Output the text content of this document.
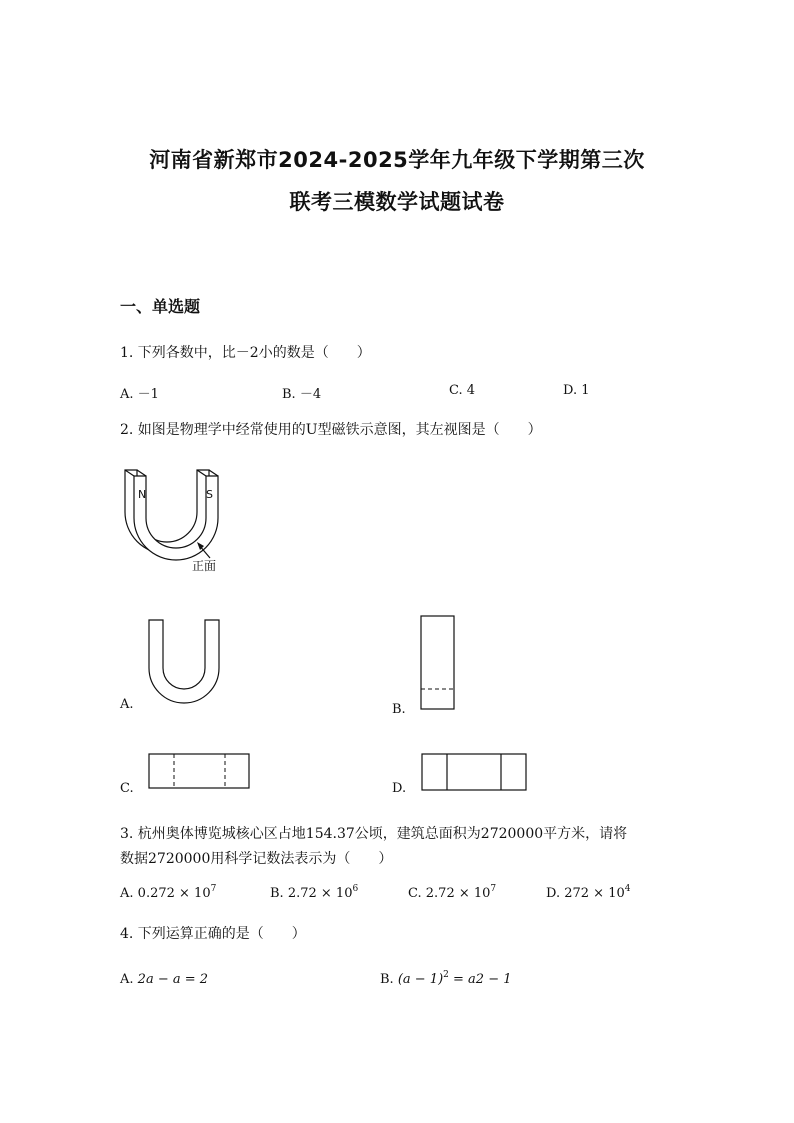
河南省新郑市2024-2025学年九年级下学期第三次
联考三模数学试题试卷
一、单选题
1. 下列各数中，比－2小的数是（　　）
A. －1	B. －4	C. 4	D. 1
2. 如图是物理学中经常使用的U型磁铁示意图，其左视图是（　　）
N	S
正面
A.	B.
C.	D.
3. 杭州奥体博览城核心区占地154.37公顷，建筑总面积为2720000平方米，请将
数据2720000用科学记数法表示为（　　）
A. $0.272 \times 10^7$	B. $2.72 \times 10^6$	C. $2.72 \times 10^7$	D. $272 \times 10^4$
4. 下列运算正确的是（　　）
A. 2a − a = 2	B. $(a - 1)^2 = a2 - 1$
